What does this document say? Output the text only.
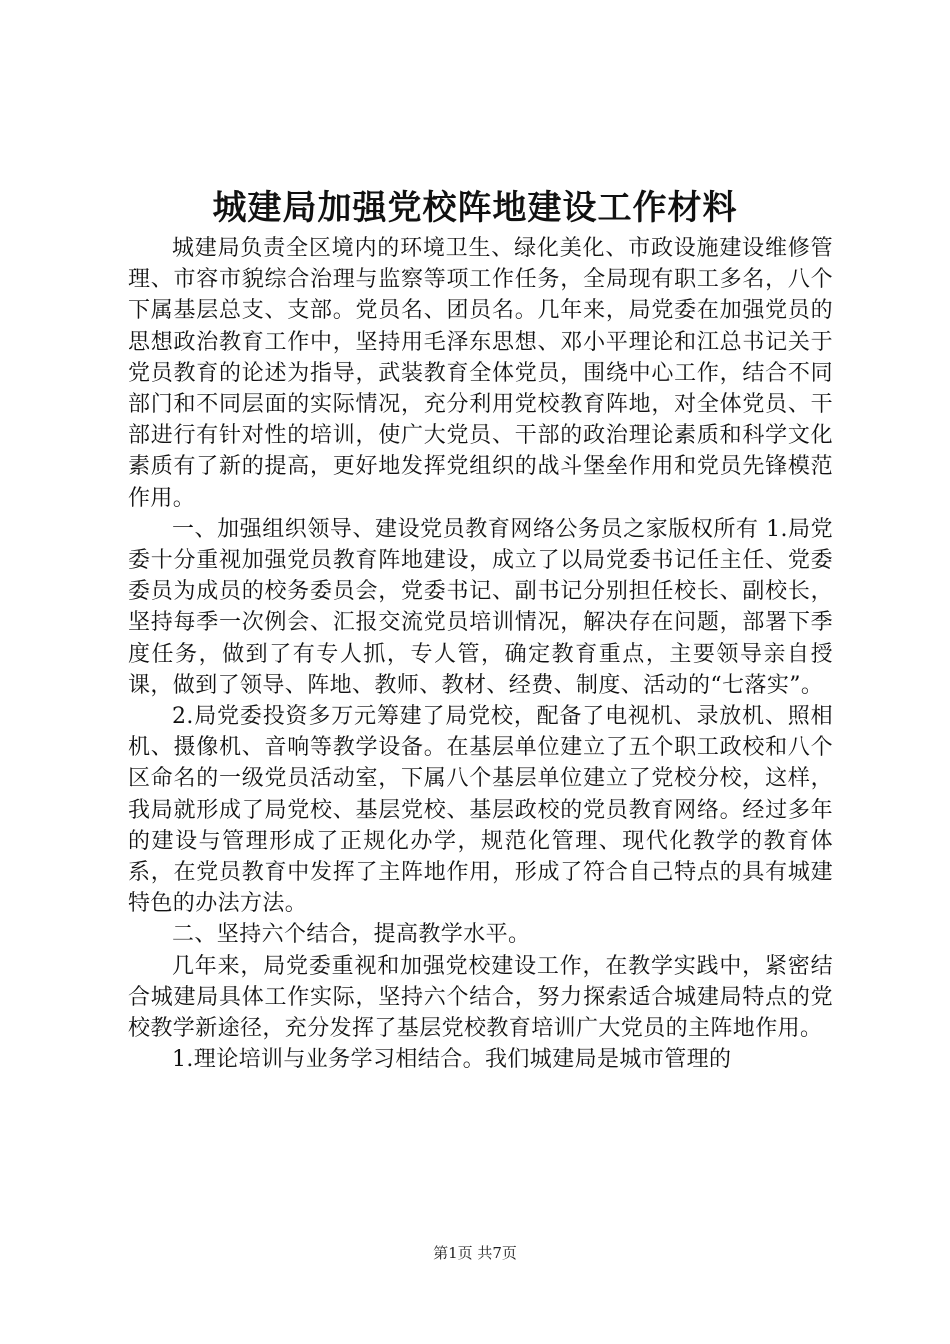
城建局加强党校阵地建设工作材料

城建局负责全区境内的环境卫生、绿化美化、市政设施建设维修管理、市容市貌综合治理与监察等项工作任务，全局现有职工多名，八个下属基层总支、支部。党员名、团员名。几年来，局党委在加强党员的思想政治教育工作中，坚持用毛泽东思想、邓小平理论和江总书记关于党员教育的论述为指导，武装教育全体党员，围绕中心工作，结合不同部门和不同层面的实际情况，充分利用党校教育阵地，对全体党员、干部进行有针对性的培训，使广大党员、干部的政治理论素质和科学文化素质有了新的提高，更好地发挥党组织的战斗堡垒作用和党员先锋模范作用。

一、加强组织领导、建设党员教育网络公务员之家版权所有 1.局党委十分重视加强党员教育阵地建设，成立了以局党委书记任主任、党委委员为成员的校务委员会，党委书记、副书记分别担任校长、副校长，坚持每季一次例会、汇报交流党员培训情况，解决存在问题，部署下季度任务，做到了有专人抓，专人管，确定教育重点，主要领导亲自授课，做到了领导、阵地、教师、教材、经费、制度、活动的“七落实”。

2.局党委投资多万元筹建了局党校，配备了电视机、录放机、照相机、摄像机、音响等教学设备。在基层单位建立了五个职工政校和八个区命名的一级党员活动室，下属八个基层单位建立了党校分校，这样，我局就形成了局党校、基层党校、基层政校的党员教育网络。经过多年的建设与管理形成了正规化办学，规范化管理、现代化教学的教育体系，在党员教育中发挥了主阵地作用，形成了符合自己特点的具有城建特色的办法方法。

二、坚持六个结合，提高教学水平。

几年来，局党委重视和加强党校建设工作，在教学实践中，紧密结合城建局具体工作实际，坚持六个结合，努力探索适合城建局特点的党校教学新途径，充分发挥了基层党校教育培训广大党员的主阵地作用。

1.理论培训与业务学习相结合。我们城建局是城市管理的

第1页 共7页
